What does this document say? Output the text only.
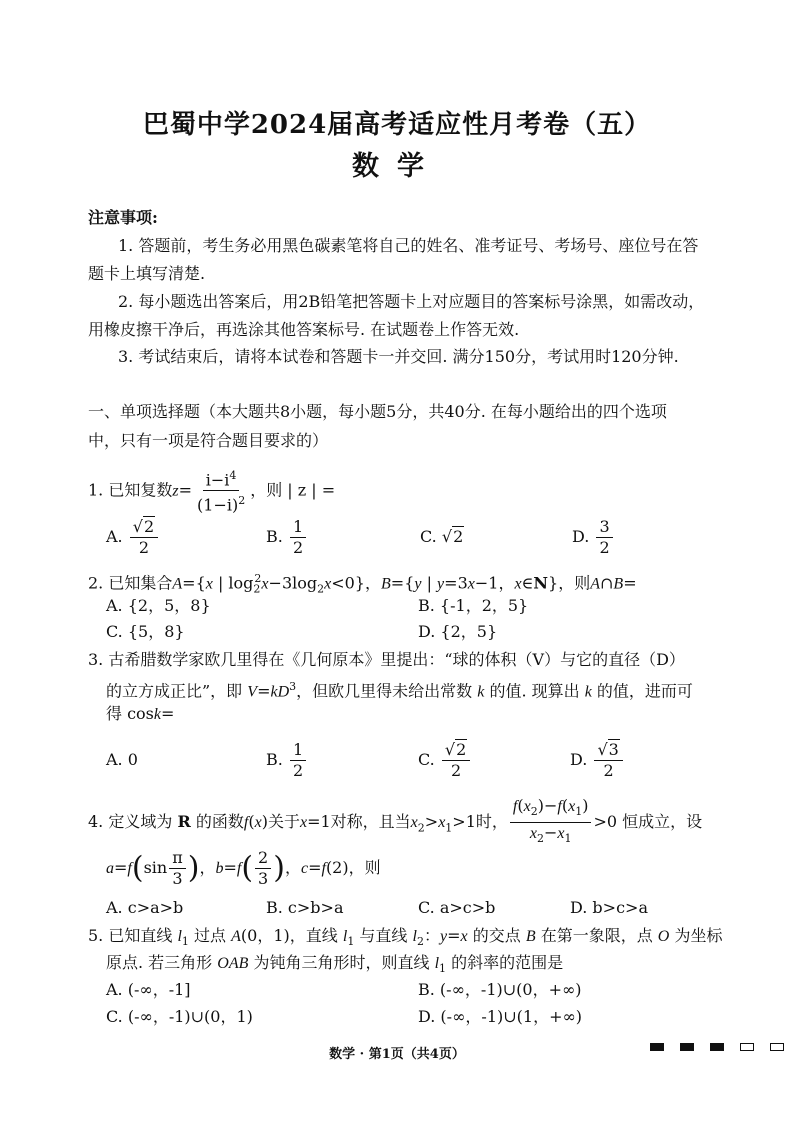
巴蜀中学2024届高考适应性月考卷（五）
数学
注意事项:
1. 答题前，考生务必用黑色碳素笔将自己的姓名、准考证号、考场号、座位号在答
题卡上填写清楚.
2. 每小题选出答案后，用2B铅笔把答题卡上对应题目的答案标号涂黑，如需改动，
用橡皮擦干净后，再选涂其他答案标号. 在试题卷上作答无效.
3. 考试结束后，请将本试卷和答题卡一并交回. 满分150分，考试用时120分钟.
一、单项选择题（本大题共8小题，每小题5分，共40分. 在每小题给出的四个选项
中，只有一项是符合题目要求的）
1. 已知复数$z= \frac{i-i^4}{(1-i)^2}$ ，则 | z | =
A. $\frac{√2}{2}$	B. $\frac{1}{2}$	C. √2	D. $\frac{3}{2}$
2. 已知集合A={x | $\log_2^2x-3\log_2x<0$}，B={y | y=3x−1，x∈N}，则A∩B=
A. {2，5，8}	B. {-1，2，5}
C. {5，8}	D. {2，5}
3. 古希腊数学家欧几里得在《几何原本》里提出：“球的体积（V）与它的直径（D）
的立方成正比”，即 $V=kD^3$，但欧几里得未给出常数 k 的值. 现算出 k 的值，进而可
得 cosk=
A. 0	B. $\frac{1}{2}$	C. $\frac{√2}{2}$	D. $\frac{√3}{2}$
4. 定义域为 R 的函数f(x)关于x=1对称，且当$x_2>x_1>1$时， $\frac{f(x_2)-f(x_1)}{x_2-x_1} >0$ 恒成立，设
$a=f(\sin \frac{\pi}{3}$ )，$b=f( \frac{2}{3}$ )，c=f(2)，则
A. c>a>b	B. c>b>a	C. a>c>b	D. b>c>a
5. 已知直线 $l_1$ 过点 A(0，1)，直线 $l_1$ 与直线 $l_2$：y=x 的交点 B 在第一象限，点 O 为坐标
原点. 若三角形 OAB 为钝角三角形时，则直线 $l_1$ 的斜率的范围是
A. (-∞，-1]	B. (-∞，-1)∪(0，+∞)
C. (-∞，-1)∪(0，1)	D. (-∞，-1)∪(1，+∞)
数学 · 第1页（共4页）
